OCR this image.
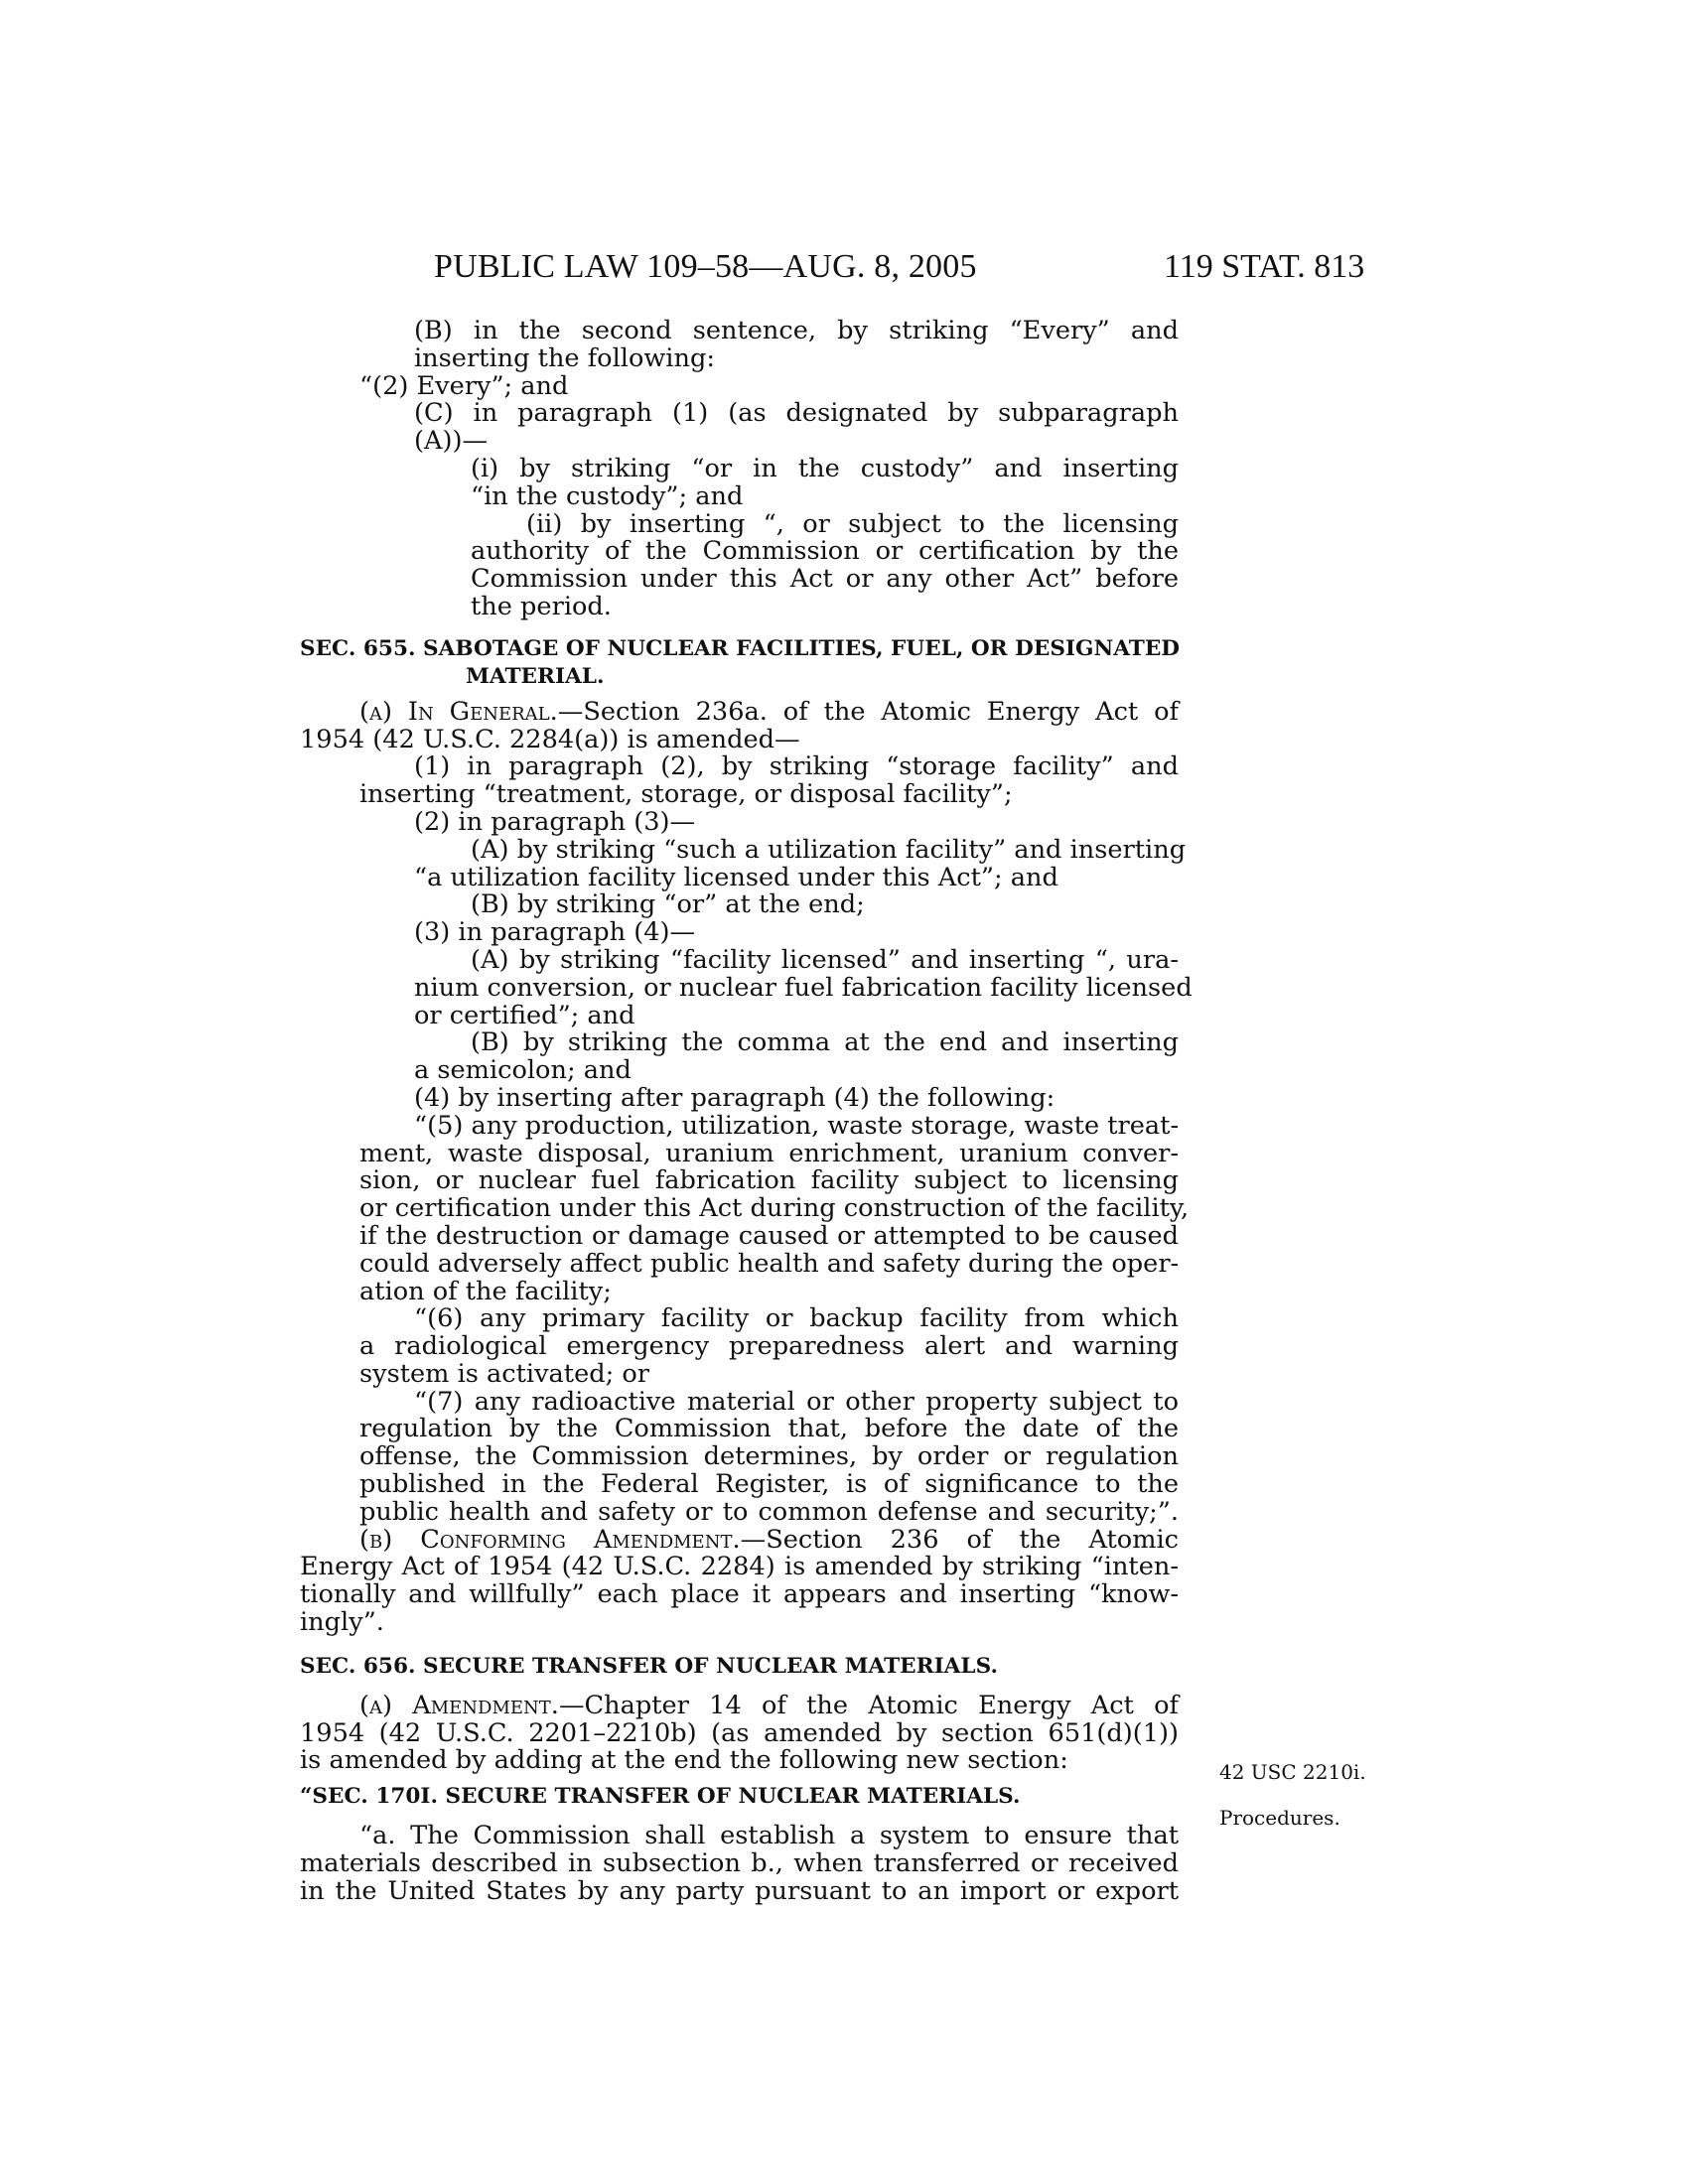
PUBLIC LAW 109–58—AUG. 8, 2005	119 STAT. 813
(B) in the second sentence, by striking “Every” and
inserting the following:
“(2) Every”; and
(C) in paragraph (1) (as designated by subparagraph
(A))—
(i) by striking “or in the custody” and inserting
“in the custody”; and
(ii) by inserting “, or subject to the licensing
authority of the Commission or certification by the
Commission under this Act or any other Act” before
the period.
SEC. 655. SABOTAGE OF NUCLEAR FACILITIES, FUEL, OR DESIGNATED
MATERIAL.
(a) In General.—Section 236a. of the Atomic Energy Act of
1954 (42 U.S.C. 2284(a)) is amended—
(1) in paragraph (2), by striking “storage facility” and
inserting “treatment, storage, or disposal facility”;
(2) in paragraph (3)—
(A) by striking “such a utilization facility” and inserting
“a utilization facility licensed under this Act”; and
(B) by striking “or” at the end;
(3) in paragraph (4)—
(A) by striking “facility licensed” and inserting “, ura-
nium conversion, or nuclear fuel fabrication facility licensed
or certified”; and
(B) by striking the comma at the end and inserting
a semicolon; and
(4) by inserting after paragraph (4) the following:
“(5) any production, utilization, waste storage, waste treat-
ment, waste disposal, uranium enrichment, uranium conver-
sion, or nuclear fuel fabrication facility subject to licensing
or certification under this Act during construction of the facility,
if the destruction or damage caused or attempted to be caused
could adversely affect public health and safety during the oper-
ation of the facility;
“(6) any primary facility or backup facility from which
a radiological emergency preparedness alert and warning
system is activated; or
“(7) any radioactive material or other property subject to
regulation by the Commission that, before the date of the
offense, the Commission determines, by order or regulation
published in the Federal Register, is of significance to the
public health and safety or to common defense and security;”.
(b) Conforming Amendment.—Section 236 of the Atomic
Energy Act of 1954 (42 U.S.C. 2284) is amended by striking “inten-
tionally and willfully” each place it appears and inserting “know-
ingly”.
SEC. 656. SECURE TRANSFER OF NUCLEAR MATERIALS.
(a) Amendment.—Chapter 14 of the Atomic Energy Act of
1954 (42 U.S.C. 2201–2210b) (as amended by section 651(d)(1))
is amended by adding at the end the following new section:
“SEC. 170I. SECURE TRANSFER OF NUCLEAR MATERIALS.
“a. The Commission shall establish a system to ensure that
materials described in subsection b., when transferred or received
in the United States by any party pursuant to an import or export
42 USC 2210i.
Procedures.
